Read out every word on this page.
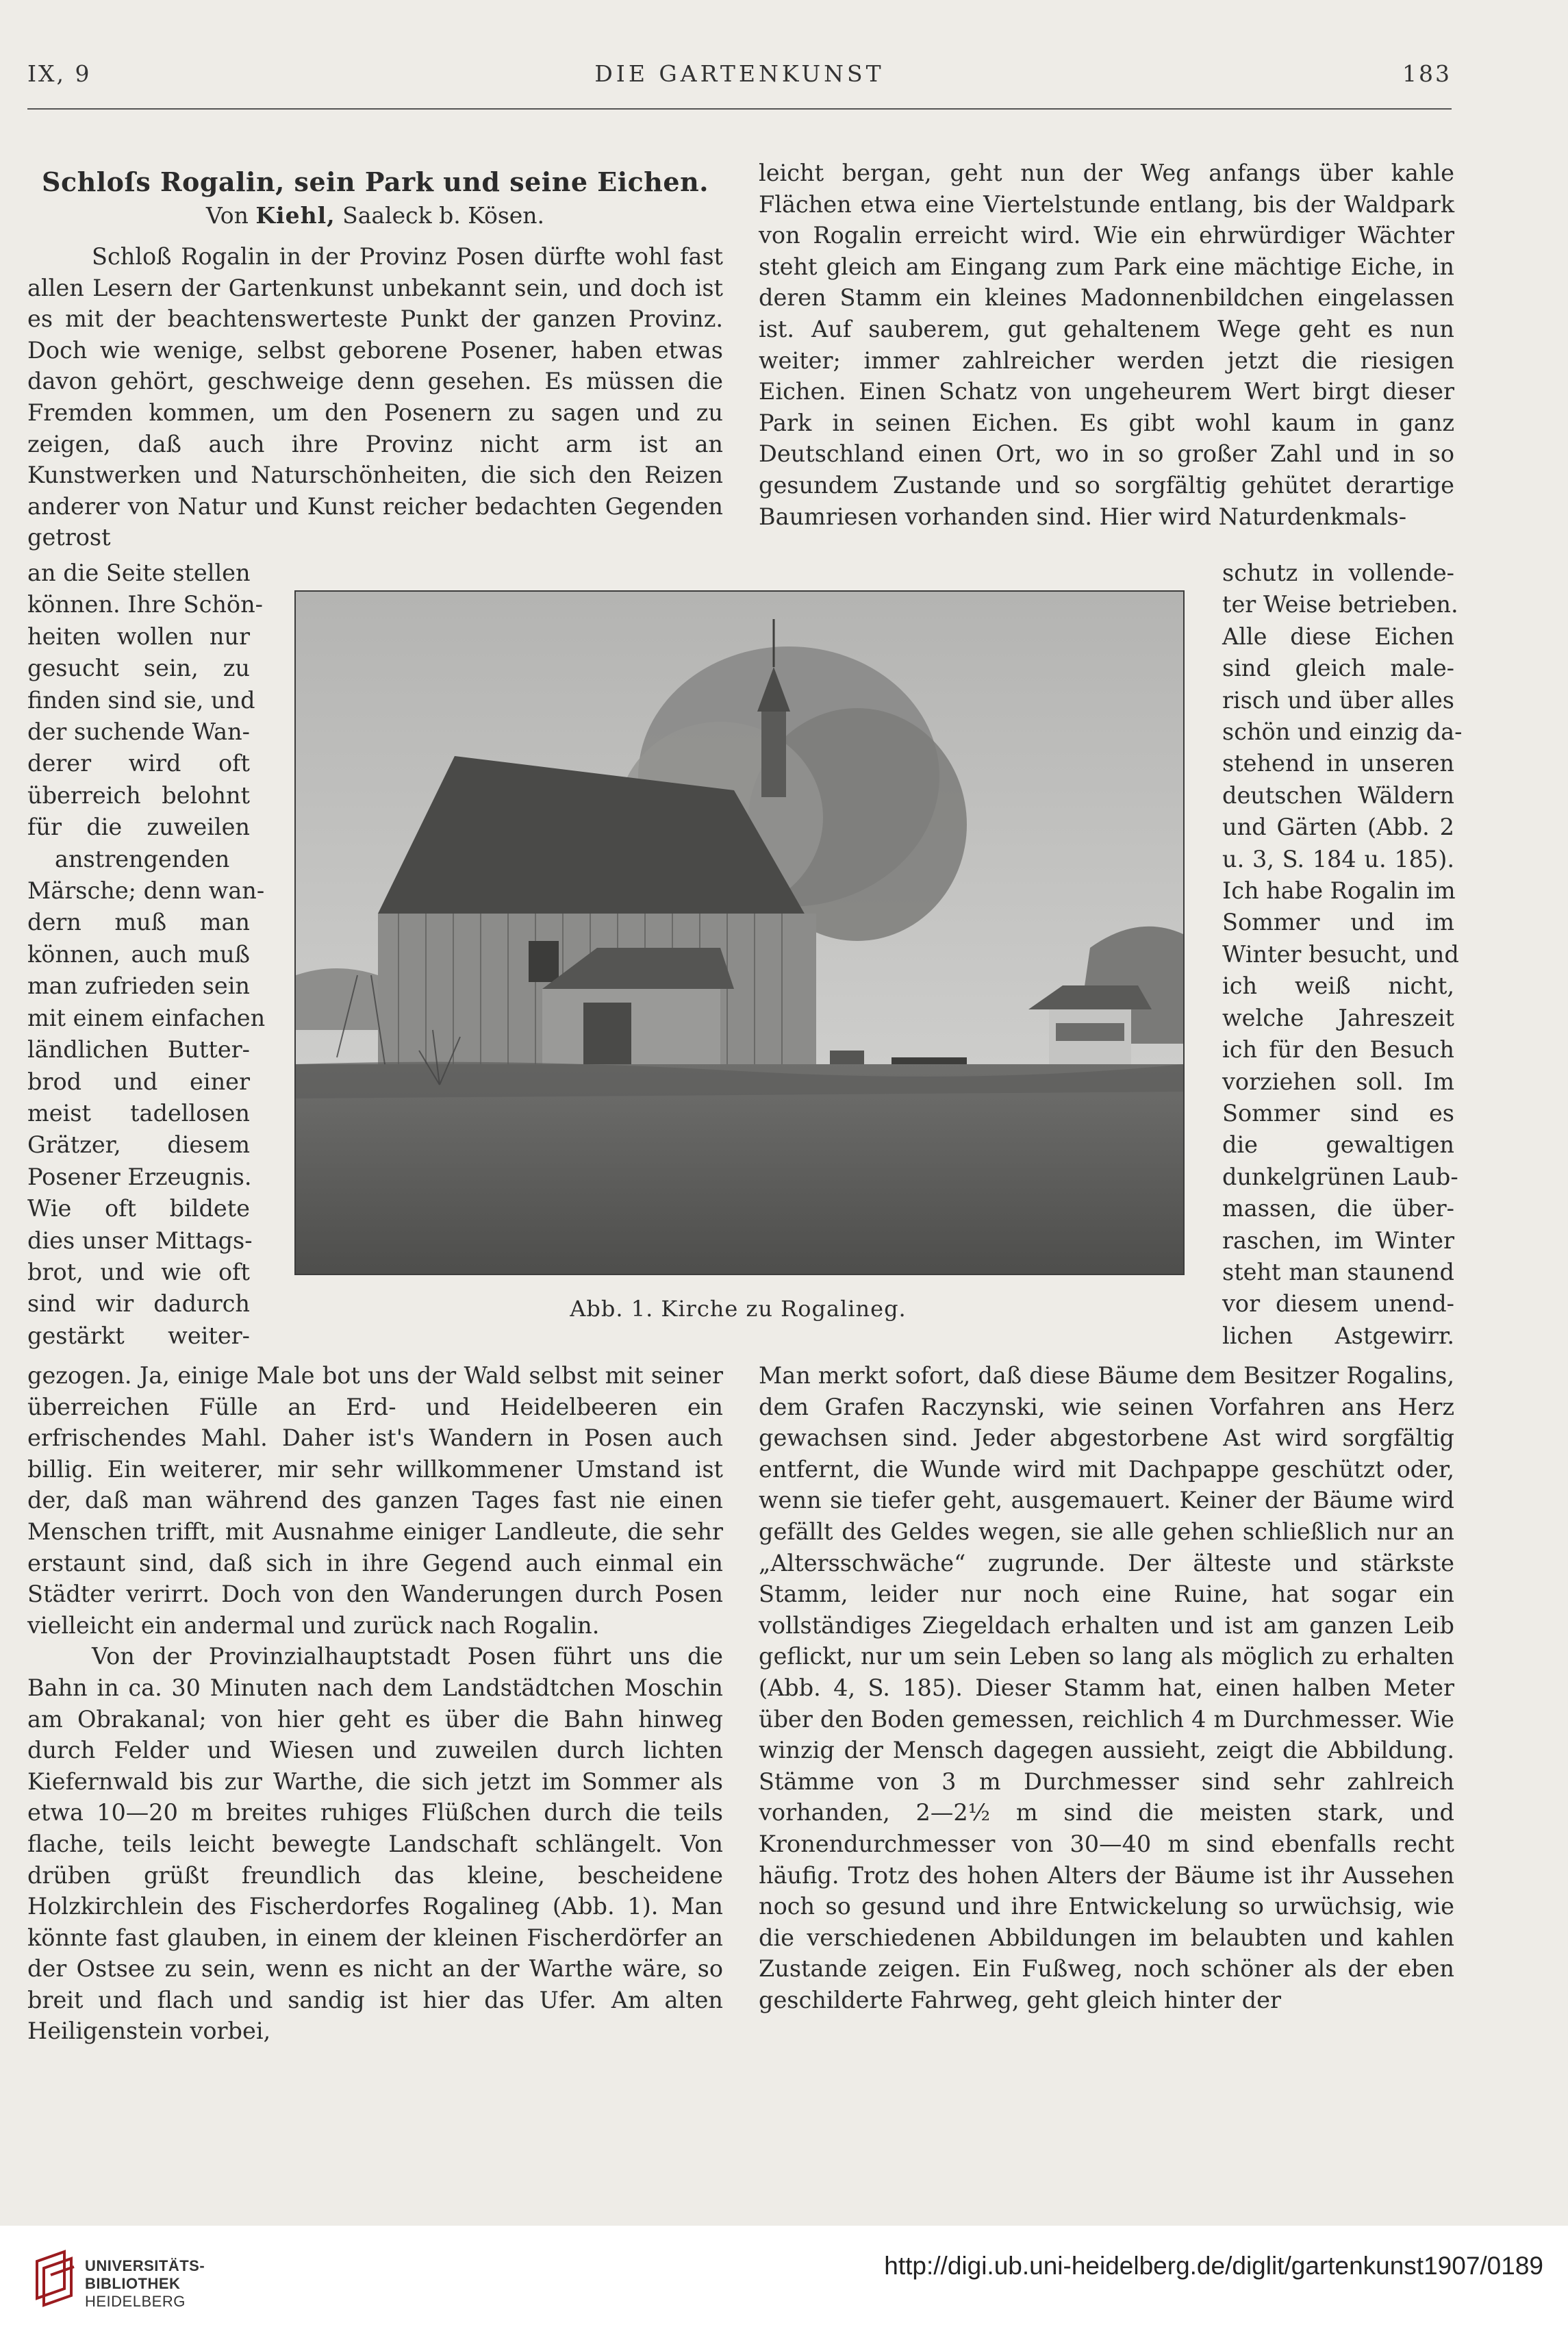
IX, 9	DIE GARTENKUNST	183
Schloſs Rogalin, sein Park und seine Eichen.
Von Kiehl, Saaleck b. Kösen.

Schloß Rogalin in der Provinz Posen dürfte wohl fast allen Lesern der Gartenkunst unbekannt sein, und doch ist es mit der beachtenswerteste Punkt der ganzen Provinz. Doch wie wenige, selbst geborene Posener, haben etwas davon gehört, geschweige denn gesehen. Es müssen die Fremden kommen, um den Posenern zu sagen und zu zeigen, daß auch ihre Provinz nicht arm ist an Kunstwerken und Naturschönheiten, die sich den Reizen anderer von Natur und Kunst reicher bedachten Gegenden getrost

leicht bergan, geht nun der Weg anfangs über kahle Flächen etwa eine Viertelstunde entlang, bis der Waldpark von Rogalin erreicht wird. Wie ein ehrwürdiger Wächter steht gleich am Eingang zum Park eine mächtige Eiche, in deren Stamm ein kleines Madonnenbildchen eingelassen ist. Auf sauberem, gut gehaltenem Wege geht es nun weiter; immer zahlreicher werden jetzt die riesigen Eichen. Einen Schatz von ungeheurem Wert birgt dieser Park in seinen Eichen. Es gibt wohl kaum in ganz Deutschland einen Ort, wo in so großer Zahl und in so gesundem Zustande und so sorgfältig gehütet derartige Baumriesen vorhanden sind. Hier wird Naturdenkmals-

an die Seite stellen
können. Ihre Schön-
heiten wollen nur
gesucht sein, zu
finden sind sie, und
der suchende Wan-
derer wird oft
überreich belohnt
für die zuweilen
anstrengenden
Märsche; denn wan-
dern muß man
können, auch muß
man zufrieden sein
mit einem einfachen
ländlichen Butter-
brod und einer
meist tadellosen
Grätzer, diesem
Posener Erzeugnis.
Wie oft bildete
dies unser Mittags-
brot, und wie oft
sind wir dadurch
gestärkt weiter-
schutz in vollende-
ter Weise betrieben.
Alle diese Eichen
sind gleich male-
risch und über alles
schön und einzig da-
stehend in unseren
deutschen Wäldern
und Gärten (Abb. 2
u. 3, S. 184 u. 185).
Ich habe Rogalin im
Sommer und im
Winter besucht, und
ich weiß nicht,
welche Jahreszeit
ich für den Besuch
vorziehen soll. Im
Sommer sind es
die gewaltigen
dunkelgrünen Laub-
massen, die über-
raschen, im Winter
steht man staunend
vor diesem unend-
lichen Astgewirr.
Abb. 1. Kirche zu Rogalineg.

gezogen. Ja, einige Male bot uns der Wald selbst mit seiner überreichen Fülle an Erd- und Heidelbeeren ein erfrischendes Mahl. Daher ist's Wandern in Posen auch billig. Ein weiterer, mir sehr willkommener Umstand ist der, daß man während des ganzen Tages fast nie einen Menschen trifft, mit Ausnahme einiger Landleute, die sehr erstaunt sind, daß sich in ihre Gegend auch einmal ein Städter verirrt. Doch von den Wanderungen durch Posen vielleicht ein andermal und zurück nach Rogalin.

Von der Provinzialhauptstadt Posen führt uns die Bahn in ca. 30 Minuten nach dem Landstädtchen Moschin am Obrakanal; von hier geht es über die Bahn hinweg durch Felder und Wiesen und zuweilen durch lichten Kiefernwald bis zur Warthe, die sich jetzt im Sommer als etwa 10—20 m breites ruhiges Flüßchen durch die teils flache, teils leicht bewegte Landschaft schlängelt. Von drüben grüßt freundlich das kleine, bescheidene Holzkirchlein des Fischerdorfes Rogalineg (Abb. 1). Man könnte fast glauben, in einem der kleinen Fischerdörfer an der Ostsee zu sein, wenn es nicht an der Warthe wäre, so breit und flach und sandig ist hier das Ufer. Am alten Heiligenstein vorbei,

Man merkt sofort, daß diese Bäume dem Besitzer Rogalins, dem Grafen Raczynski, wie seinen Vorfahren ans Herz gewachsen sind. Jeder abgestorbene Ast wird sorgfältig entfernt, die Wunde wird mit Dachpappe geschützt oder, wenn sie tiefer geht, ausgemauert. Keiner der Bäume wird gefällt des Geldes wegen, sie alle gehen schließlich nur an „Altersschwäche“ zugrunde. Der älteste und stärkste Stamm, leider nur noch eine Ruine, hat sogar ein vollständiges Ziegeldach erhalten und ist am ganzen Leib geflickt, nur um sein Leben so lang als möglich zu erhalten (Abb. 4, S. 185). Dieser Stamm hat, einen halben Meter über den Boden gemessen, reichlich 4 m Durchmesser. Wie winzig der Mensch dagegen aussieht, zeigt die Abbildung. Stämme von 3 m Durchmesser sind sehr zahlreich vorhanden, 2—2½ m sind die meisten stark, und Kronendurchmesser von 30—40 m sind ebenfalls recht häufig. Trotz des hohen Alters der Bäume ist ihr Aussehen noch so gesund und ihre Entwickelung so urwüchsig, wie die verschiedenen Abbildungen im belaubten und kahlen Zustande zeigen. Ein Fußweg, noch schöner als der eben geschilderte Fahrweg, geht gleich hinter der

UNIVERSITÄTS-
BIBLIOTHEK
HEIDELBERG
http://digi.ub.uni-heidelberg.de/diglit/gartenkunst1907/0189
